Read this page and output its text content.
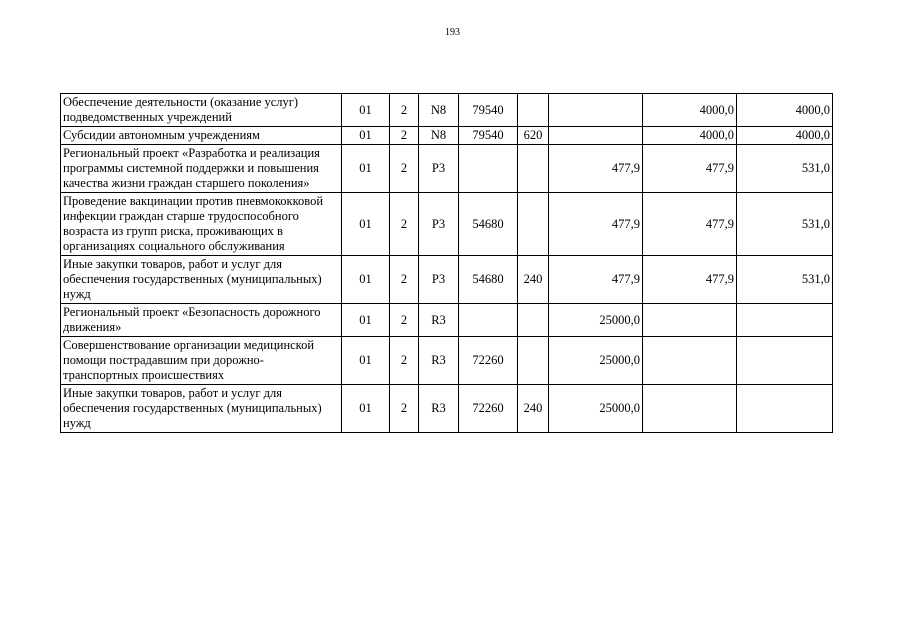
193
Обеспечение деятельности (оказание услуг) подведомственных учреждений	01	2	N8	79540			4000,0	4000,0
Субсидии автономным учреждениям	01	2	N8	79540	620		4000,0	4000,0
Региональный проект «Разработка и реализация программы системной поддержки и повышения качества жизни граждан старшего поколения»	01	2	P3			477,9	477,9	531,0
Проведение вакцинации против пневмококковой инфекции граждан старше трудоспособного возраста из групп риска, проживающих в организациях социального обслуживания	01	2	P3	54680		477,9	477,9	531,0
Иные закупки товаров, работ и услуг для обеспечения государственных (муниципальных) нужд	01	2	P3	54680	240	477,9	477,9	531,0
Региональный проект «Безопасность дорожного движения»	01	2	R3			25000,0		
Совершенствование организации медицинской помощи пострадавшим при дорожно-транспортных происшествиях	01	2	R3	72260		25000,0		
Иные закупки товаров, работ и услуг для обеспечения государственных (муниципальных) нужд	01	2	R3	72260	240	25000,0		
